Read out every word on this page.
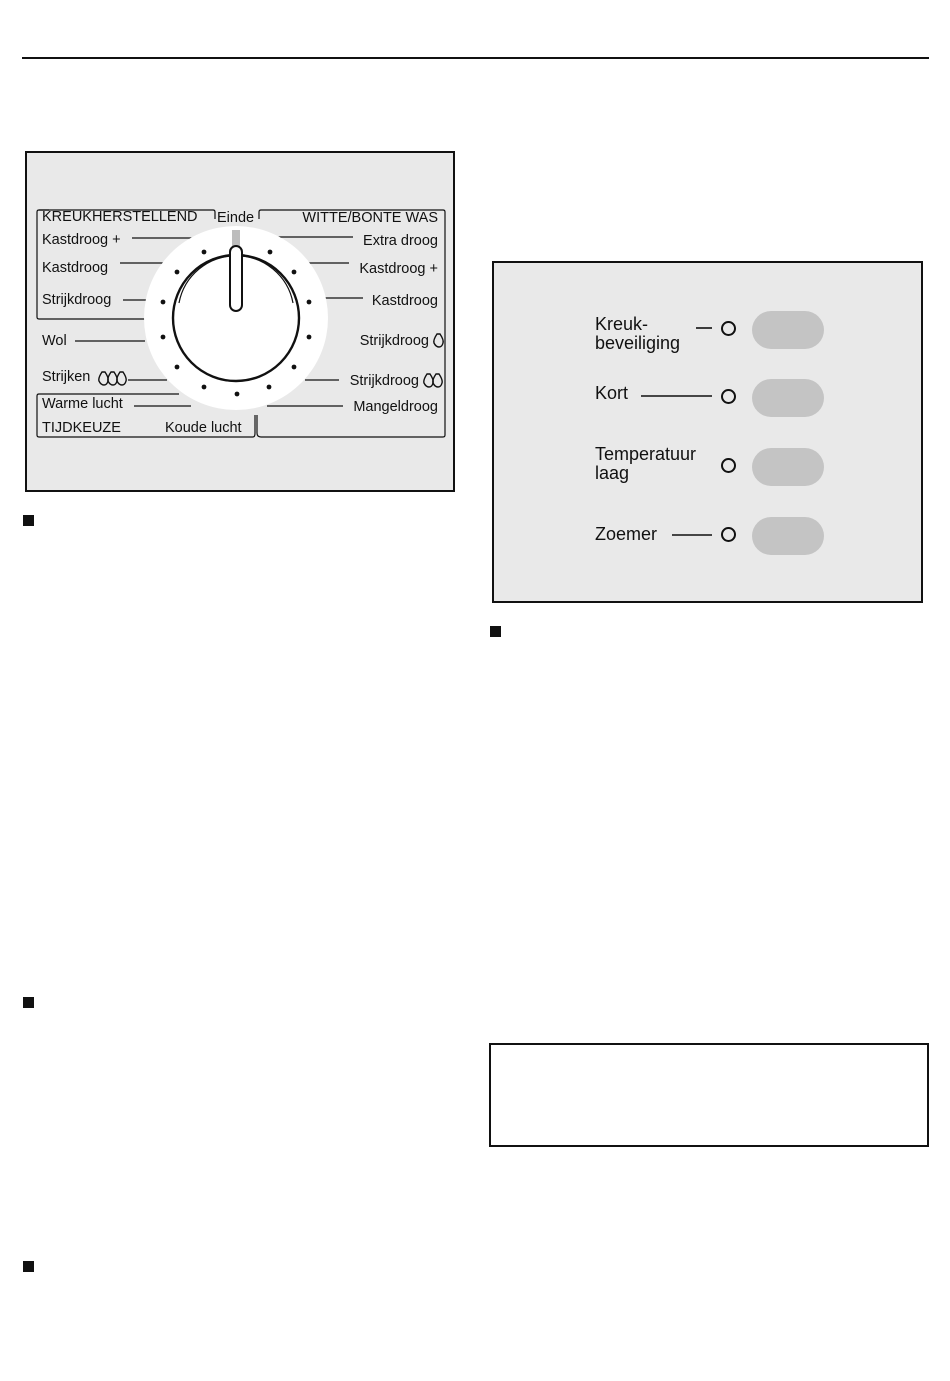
KREUKHERSTELLEND Einde	WITTE/BONTE WAS
Kastdroog +
Kastdroog
Strijkdroog
Wol
Strijken
Warme lucht
TIJDKEUZE	Koude lucht
Extra droog
Kastdroog +
Kastdroog
Strijkdroog
Strijkdroog
Mangeldroog
Kreuk-
beveiliging
Kort
Temperatuur
laag
Zoemer
